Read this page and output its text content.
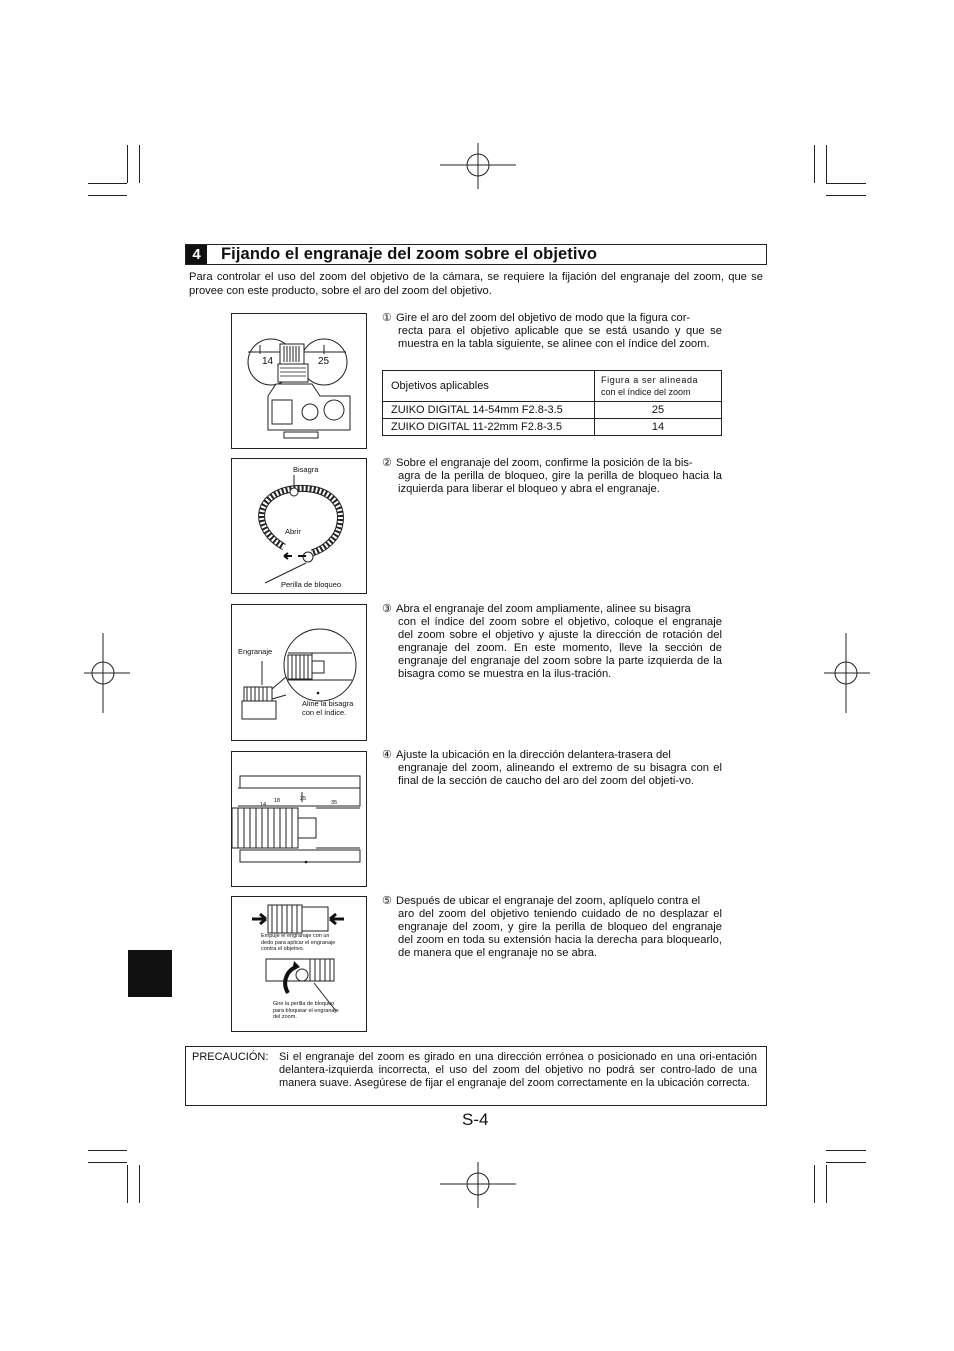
4	Fijando el engranaje del zoom sobre el objetivo
Para controlar el uso del zoom del objetivo de la cámara, se requiere la fijación del engranaje del zoom, que se provee con este producto, sobre el aro del zoom del objetivo.
14	25
① Gire el aro del zoom del objetivo de modo que la figura cor-
recta para el objetivo aplicable que se está usando y que se muestra en la tabla siguiente, se alinee con el índice del zoom.
Objetivos aplicables	Figura a ser alineada
con el índice del zoom

ZUIKO DIGITAL 14-54mm F2.8-3.5	25
ZUIKO DIGITAL 11-22mm F2.8-3.5	14
Bisagra
Abrir
Perilla de bloqueo
② Sobre el engranaje del zoom, confirme la posición de la bis-
agra de la perilla de bloqueo, gire la perilla de bloqueo hacia la izquierda para liberar el bloqueo y abra el engranaje.
Engranaje
Aline la bisagra con el índice.
③ Abra el engranaje del zoom ampliamente, alinee su bisagra
con el índice del zoom sobre el objetivo, coloque el engranaje del zoom sobre el objetivo y ajuste la dirección de rotación del engranaje del zoom. En este momento, lleve la sección de engranaje del engranaje del zoom sobre la parte izquierda de la bisagra como se muestra en la ilus-tración.
14
18	25
35
④ Ajuste la ubicación en la dirección delantera-trasera del
engranaje del zoom, alineando el extremo de su bisagra con el final de la sección de caucho del aro del zoom del objeti-vo.
Empuje el engranaje con un dedo para aplicar el engranaje contra el objetivo.
Gire la perilla de bloqueo para bloquear el engranaje del zoom.
⑤ Después de ubicar el engranaje del zoom, aplíquelo contra el
aro del zoom del objetivo teniendo cuidado de no desplazar el engranaje del zoom, y gire la perilla de bloqueo del engranaje del zoom en toda su extensión hacia la derecha para bloquearlo, de manera que el engranaje no se abra.
PRECAUCIÓN: Si el engranaje del zoom es girado en una dirección errónea o posicionado en una ori-entación delantera-izquierda incorrecta, el uso del zoom del objetivo no podrá ser contro-lado de una manera suave. Asegúrese de fijar el engranaje del zoom correctamente en la ubicación correcta.
S-4
